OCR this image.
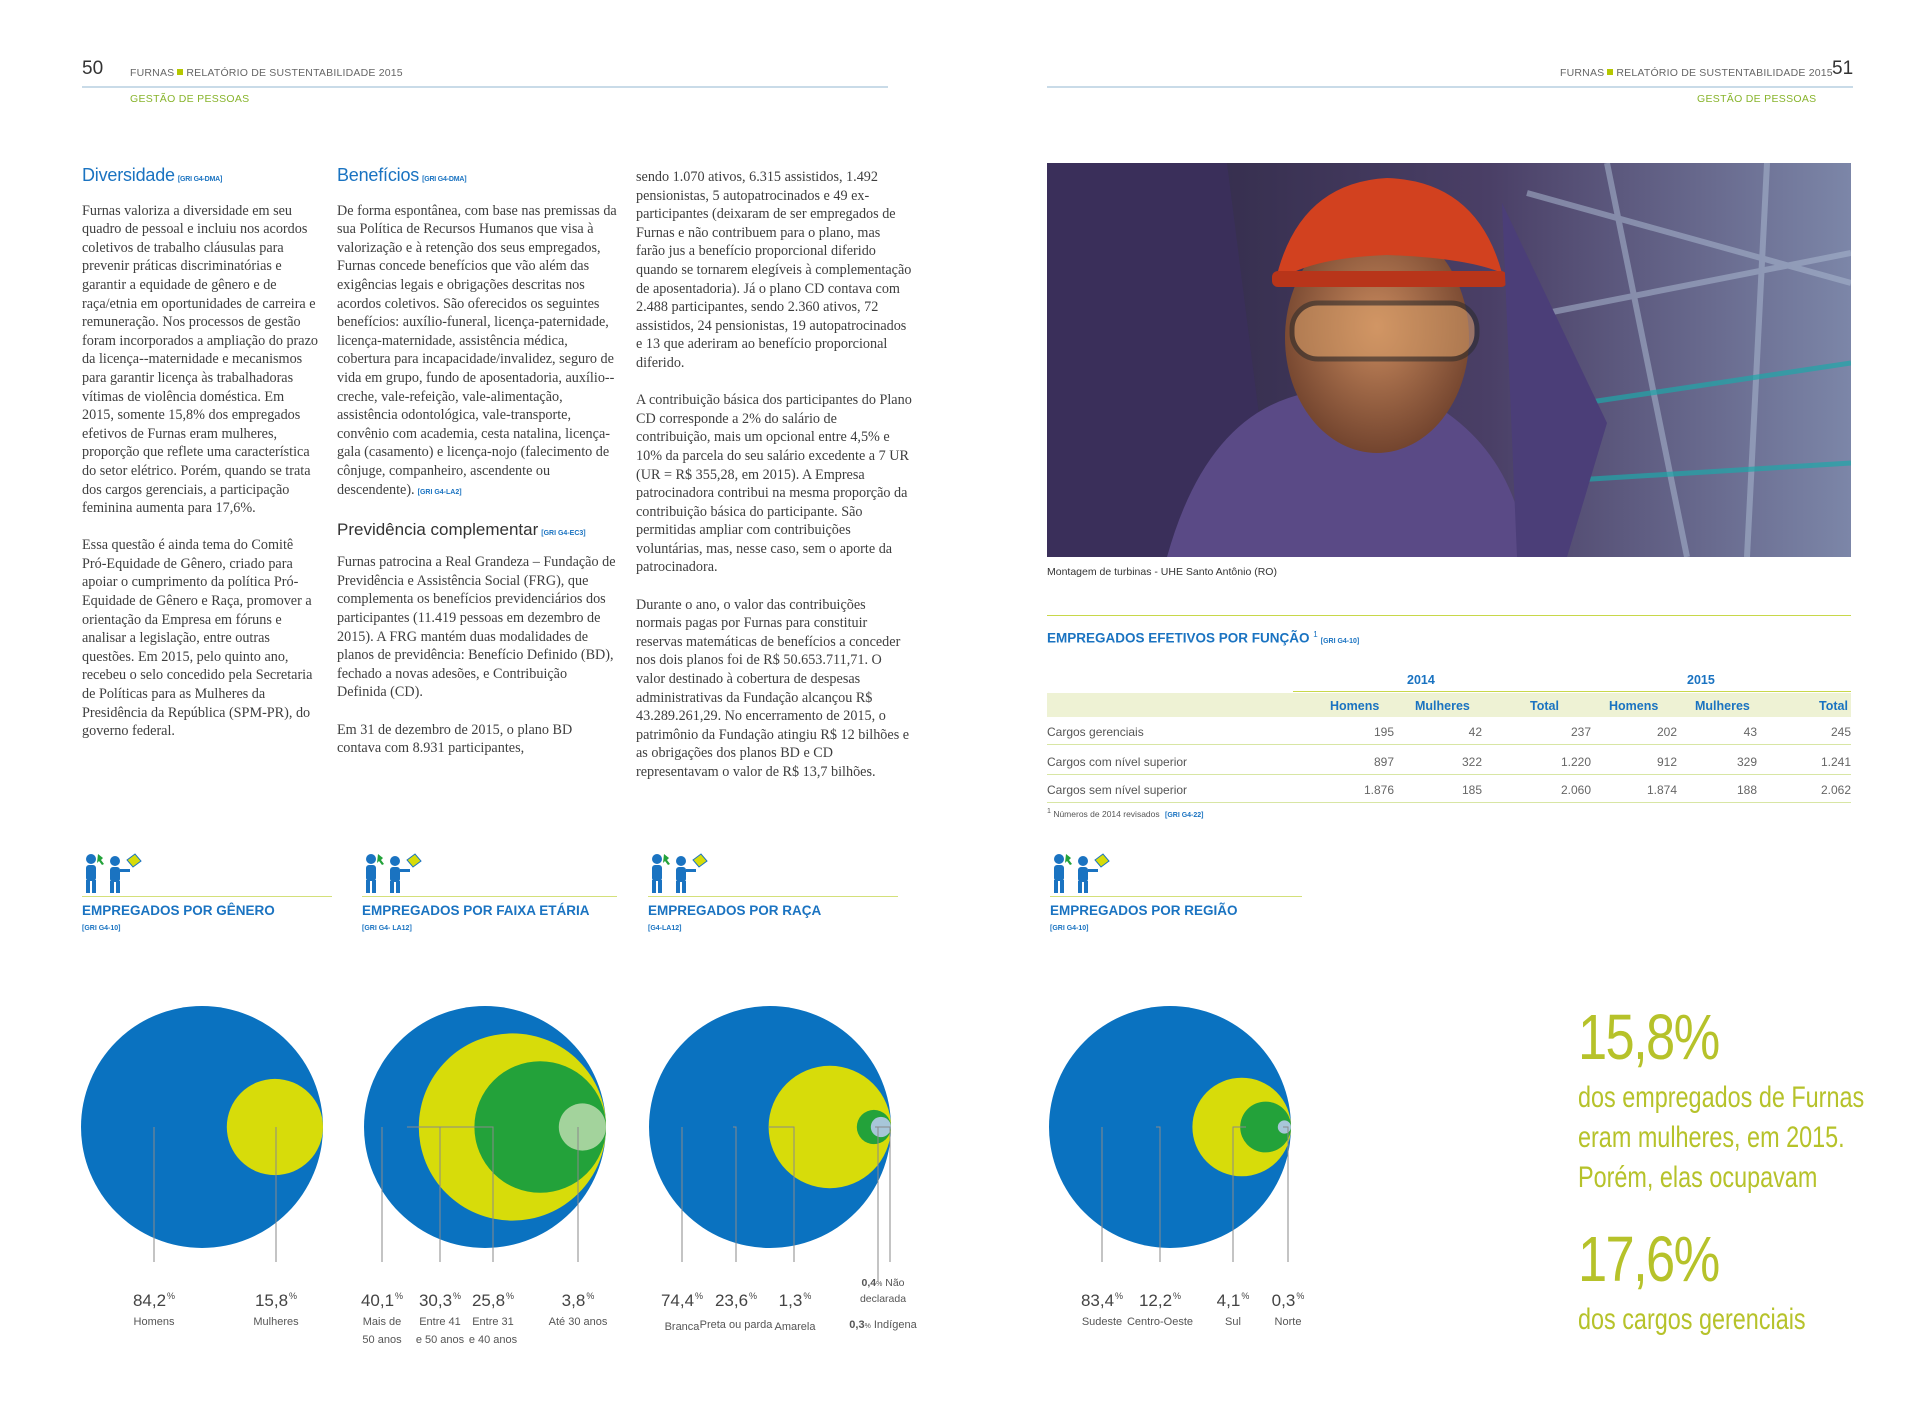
50	FURNAS RELATÓRIO DE SUSTENTABILIDADE 2015
GESTÃO DE PESSOAS
FURNAS RELATÓRIO DE SUSTENTABILIDADE 2015 51
GESTÃO DE PESSOAS
Diversidade [GRI G4-DMA]

Furnas valoriza a diversidade em seu quadro de pessoal e incluiu nos acordos coletivos de trabalho cláusulas para prevenir práticas discriminatórias e garantir a equidade de gênero e de raça/etnia em oportunidades de carreira e remuneração. Nos processos de gestão foram incorporados a ampliação do prazo da licença--maternidade e mecanismos para garantir licença às trabalhadoras vítimas de violência doméstica. Em 2015, somente 15,8% dos empregados efetivos de Furnas eram mulheres, proporção que reflete uma característica do setor elétrico. Porém, quando se trata dos cargos gerenciais, a participação feminina aumenta para 17,6%.

Essa questão é ainda tema do Comitê Pró-Equidade de Gênero, criado para apoiar o cumprimento da política Pró-Equidade de Gênero e Raça, promover a orientação da Empresa em fóruns e analisar a legislação, entre outras questões. Em 2015, pelo quinto ano, recebeu o selo concedido pela Secretaria de Políticas para as Mulheres da Presidência da República (SPM-PR), do governo federal.

Benefícios [GRI G4-DMA]

De forma espontânea, com base nas premissas da sua Política de Recursos Humanos que visa à valorização e à retenção dos seus empregados, Furnas concede benefícios que vão além das exigências legais e obrigações descritas nos acordos coletivos. São oferecidos os seguintes benefícios: auxílio-funeral, licença-paternidade, licença-maternidade, assistência médica, cobertura para incapacidade/invalidez, seguro de vida em grupo, fundo de aposentadoria, auxílio--creche, vale-refeição, vale-alimentação, assistência odontológica, vale-transporte, convênio com academia, cesta natalina, licença-gala (casamento) e licença-nojo (falecimento de cônjuge, companheiro, ascendente ou descendente). [GRI G4-LA2]

Previdência complementar [GRI G4-EC3]

Furnas patrocina a Real Grandeza – Fundação de Previdência e Assistência Social (FRG), que complementa os benefícios previdenciários dos participantes (11.419 pessoas em dezembro de 2015). A FRG mantém duas modalidades de planos de previdência: Benefício Definido (BD), fechado a novas adesões, e Contribuição Definida (CD).

Em 31 de dezembro de 2015, o plano BD contava com 8.931 participantes,

sendo 1.070 ativos, 6.315 assistidos, 1.492 pensionistas, 5 autopatrocinados e 49 ex-participantes (deixaram de ser empregados de Furnas e não contribuem para o plano, mas farão jus a benefício proporcional diferido quando se tornarem elegíveis à complementação de aposentadoria). Já o plano CD contava com 2.488 participantes, sendo 2.360 ativos, 72 assistidos, 24 pensionistas, 19 autopatrocinados e 13 que aderiram ao benefício proporcional diferido.

A contribuição básica dos participantes do Plano CD corresponde a 2% do salário de contribuição, mais um opcional entre 4,5% e 10% da parcela do seu salário excedente a 7 UR (UR = R$ 355,28, em 2015). A Empresa patrocinadora contribui na mesma proporção da contribuição básica do participante. São permitidas ampliar com contribuições voluntárias, mas, nesse caso, sem o aporte da patrocinadora.

Durante o ano, o valor das contribuições normais pagas por Furnas para constituir reservas matemáticas de benefícios a conceder nos dois planos foi de R$ 50.653.711,71. O valor destinado à cobertura de despesas administrativas da Fundação alcançou R$ 43.289.261,29. No encerramento de 2015, o patrimônio da Fundação atingiu R$ 12 bilhões e as obrigações dos planos BD e CD representavam o valor de R$ 13,7 bilhões.

Montagem de turbinas - UHE Santo Antônio (RO)
EMPREGADOS EFETIVOS POR FUNÇÃO $^1$[GRI G4-10]
2014	2015
Homens	Mulheres	Total	Homens	Mulheres	Total
Cargos gerenciais	195	42	237	202	43	245
Cargos com nível superior	897	322	1.220	912	329	1.241
Cargos sem nível superior	1.876	185	2.060	1.874	188	2.062
$^1$ Números de 2014 revisados [GRI G4-22]
EMPREGADOS POR GÊNERO
[GRI G4-10]
EMPREGADOS POR FAIXA ETÁRIA
[GRI G4- LA12]
EMPREGADOS POR RAÇA
[G4-LA12]
EMPREGADOS POR REGIÃO
[GRI G4-10]
84,2%
Homens
15,8%
Mulheres
40,1%
Mais de
50 anos
30,3%
Entre 41
e 50 anos
25,8%
Entre 31
e 40 anos
3,8%
Até 30 anos
74,4%
Branca
23,6%
Preta ou parda
1,3%
Amarela
0,4% Não
declarada
0,3% Indígena
83,4%
Sudeste
12,2%
Centro-Oeste
4,1%
Sul
0,3%
Norte
15,8%
dos empregados de Furnas
eram mulheres, em 2015.
Porém, elas ocupavam
17,6%
dos cargos gerenciais
